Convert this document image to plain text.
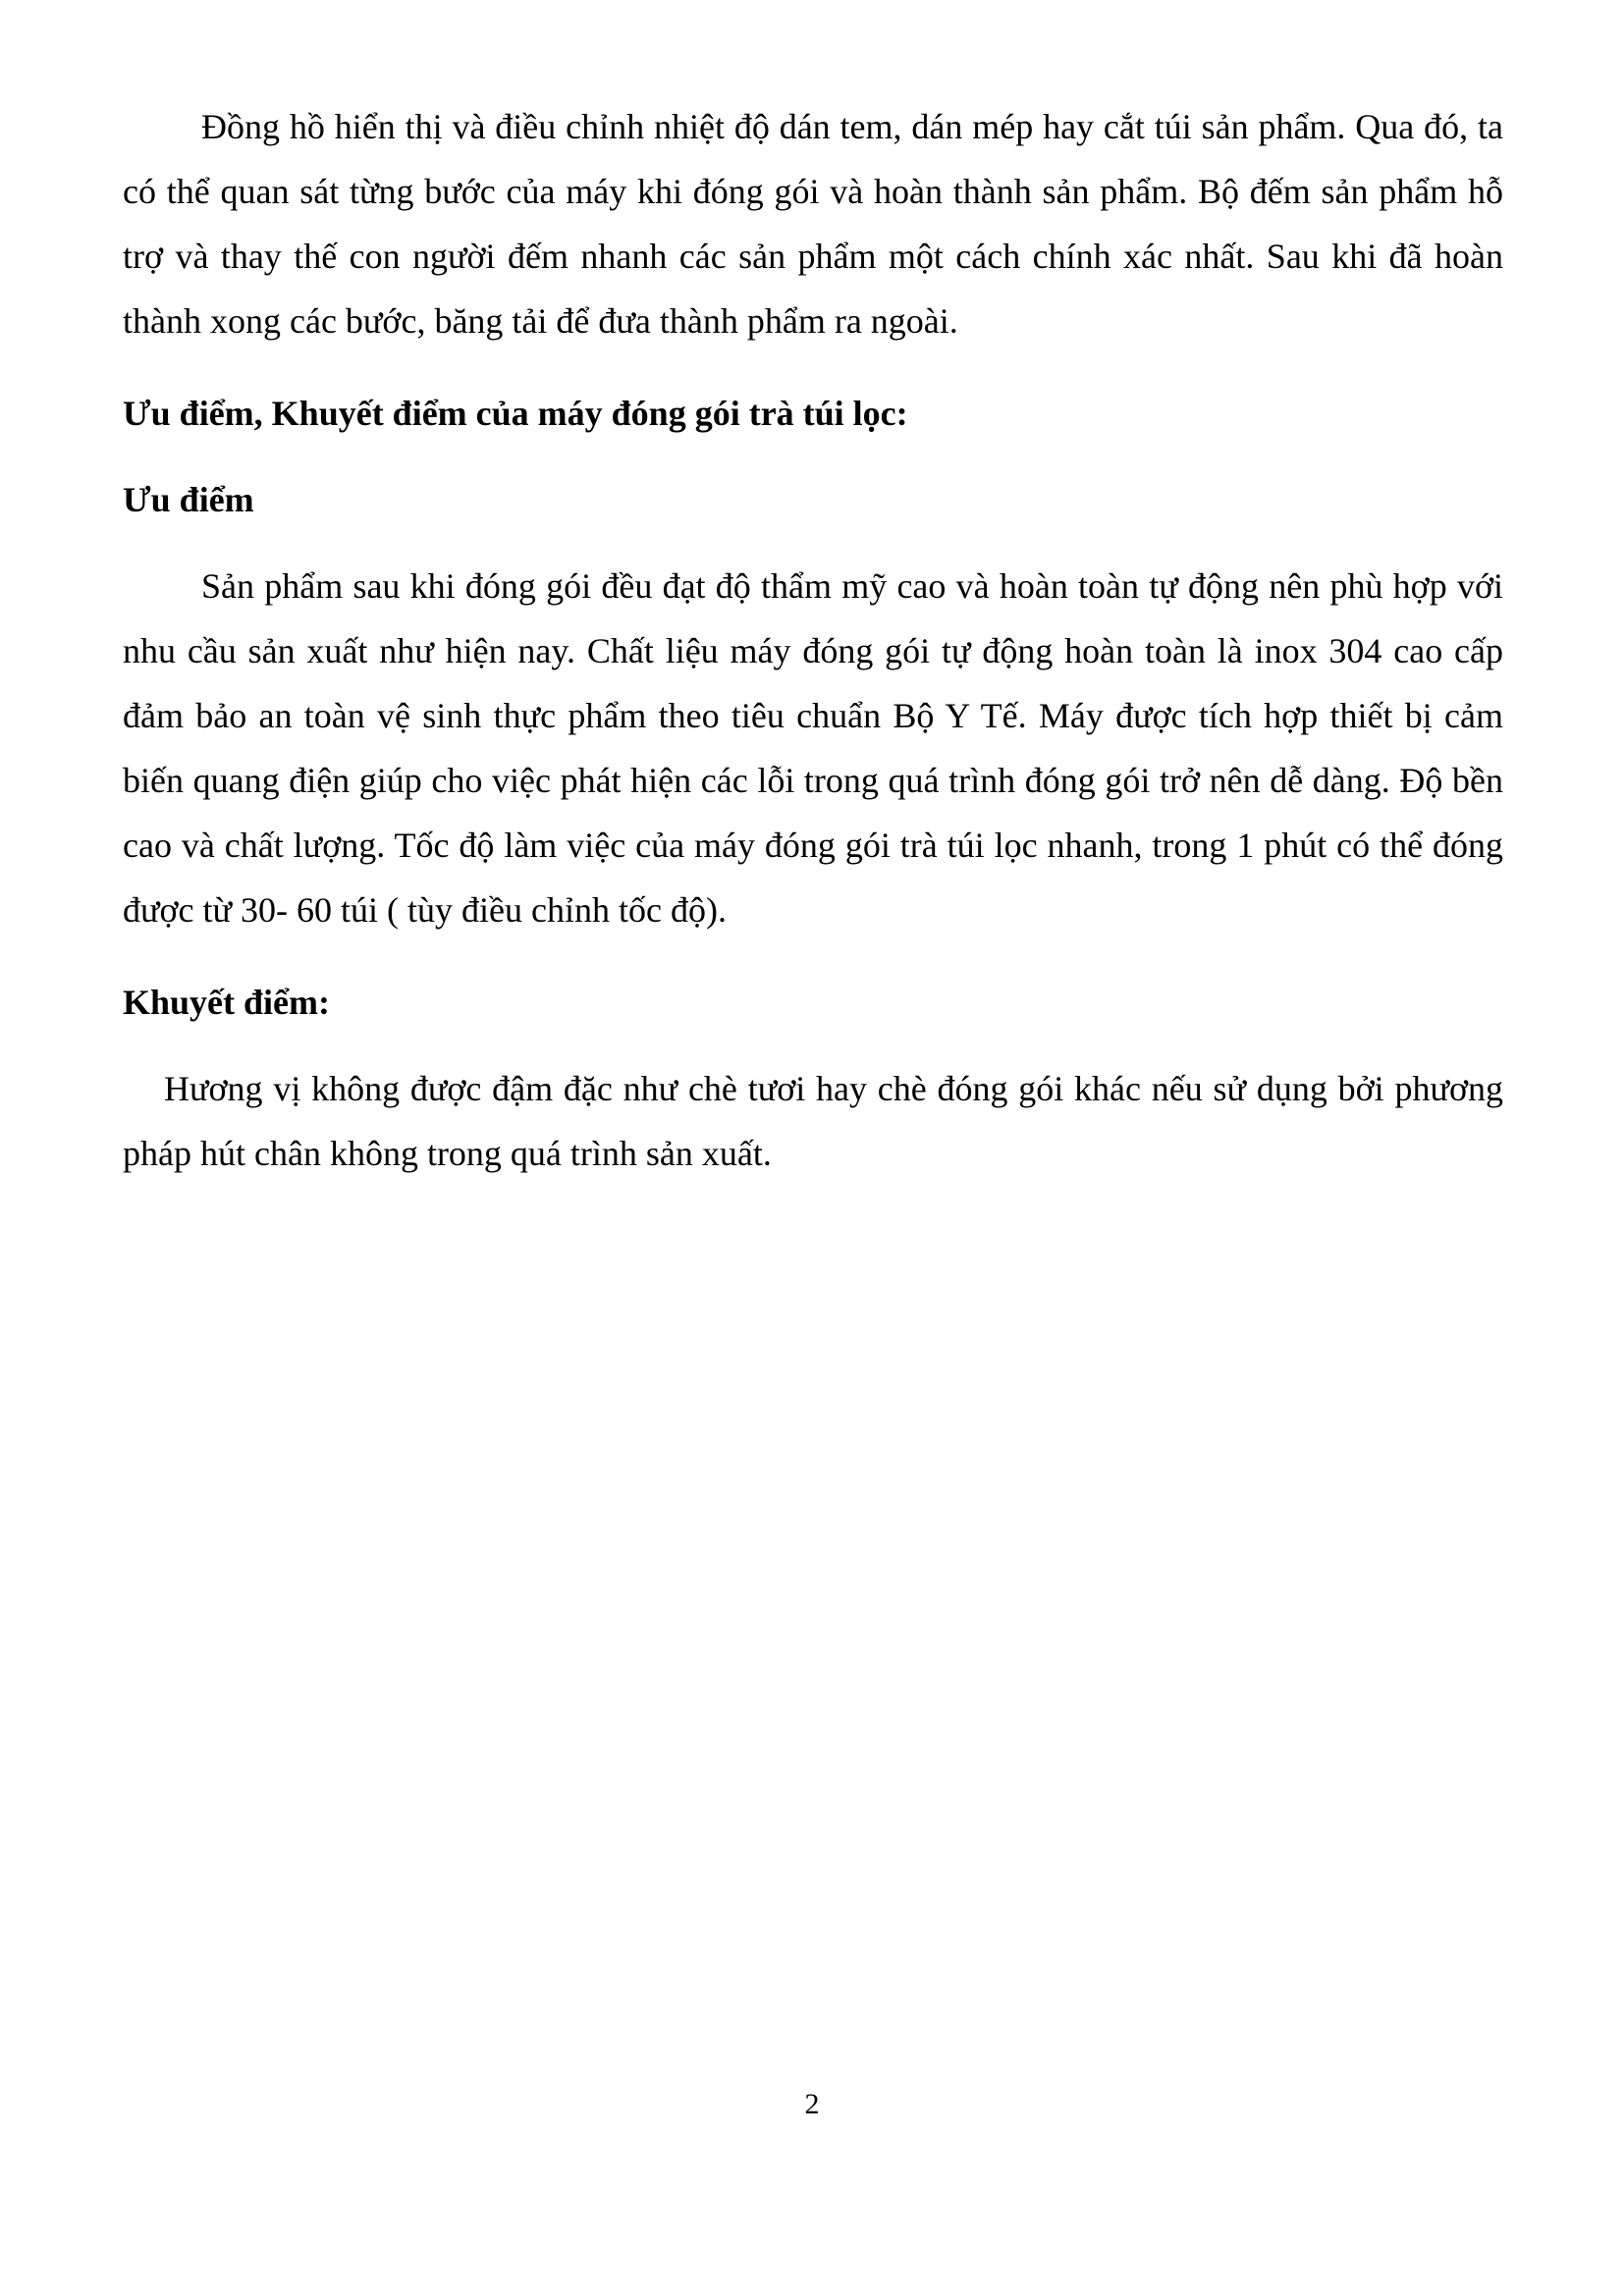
Đồng hồ hiển thị và điều chỉnh nhiệt độ dán tem, dán mép hay cắt túi sản phẩm. Qua đó, ta có thể quan sát từng bước của máy khi đóng gói và hoàn thành sản phẩm. Bộ đếm sản phẩm hỗ trợ và thay thế con người đếm nhanh các sản phẩm một cách chính xác nhất. Sau khi đã hoàn thành xong các bước, băng tải để đưa thành phẩm ra ngoài.

Ưu điểm, Khuyết điểm của máy đóng gói trà túi lọc:
Ưu điểm

Sản phẩm sau khi đóng gói đều đạt độ thẩm mỹ cao và hoàn toàn tự động nên phù hợp với nhu cầu sản xuất như hiện nay. Chất liệu máy đóng gói tự động hoàn toàn là inox 304 cao cấp đảm bảo an toàn vệ sinh thực phẩm theo tiêu chuẩn Bộ Y Tế. Máy được tích hợp thiết bị cảm biến quang điện giúp cho việc phát hiện các lỗi trong quá trình đóng gói trở nên dễ dàng. Độ bền cao và chất lượng. Tốc độ làm việc của máy đóng gói trà túi lọc nhanh, trong 1 phút có thể đóng được từ 30- 60 túi ( tùy điều chỉnh tốc độ).

Khuyết điểm:

Hương vị không được đậm đặc như chè tươi hay chè đóng gói khác nếu sử dụng bởi phương pháp hút chân không trong quá trình sản xuất.

2
